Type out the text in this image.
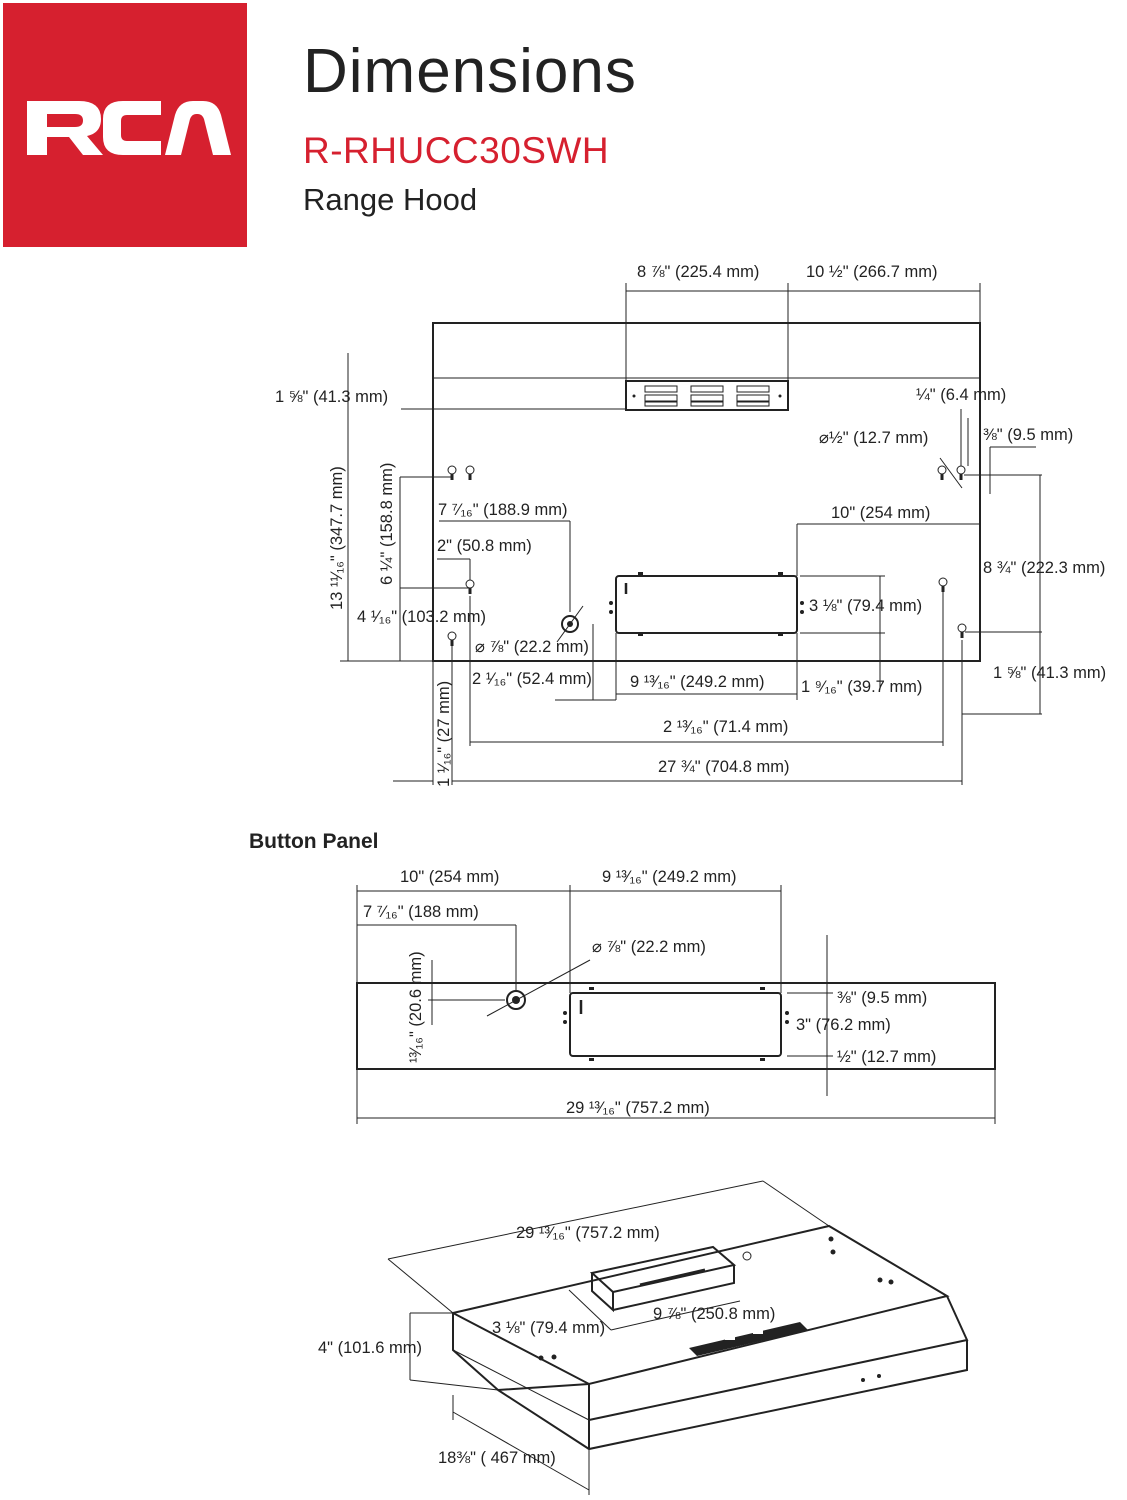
Dimensions
R-RHUCC30SWH
Range Hood
Button Panel
8 ⅞" (225.4 mm)	10 ½" (266.7 mm)
1 ⅝" (41.3 mm)	¼" (6.4 mm)
⌀½" (12.7 mm)	⅜" (9.5 mm)
13 ¹¹⁄₁₆" (347.7 mm) 6 ¼" (158.8 mm)	7 ⁷⁄₁₆" (188.9 mm)	10" (254 mm)
2" (50.8 mm)
8 ¾" (222.3 mm)
3 ⅛" (79.4 mm)
4 ¹⁄₁₆" (103.2 mm)
⌀ ⅞" (22.2 mm)
1 ⅝" (41.3 mm)
2 ¹⁄₁₆" (52.4 mm) 9 ¹³⁄₁₆" (249.2 mm) 1 ⁹⁄₁₆" (39.7 mm)
1 ¹⁄₁₆" (27 mm)	2 ¹³⁄₁₆" (71.4 mm)
27 ¾" (704.8 mm)
10" (254 mm)	9 ¹³⁄₁₆" (249.2 mm)
7 ⁷⁄₁₆" (188 mm)
⌀ ⅞" (22.2 mm)
¹³⁄₁₆" (20.6 mm)	⅜" (9.5 mm)
3" (76.2 mm)
½" (12.7 mm)
29 ¹³⁄₁₆" (757.2 mm)
29 ¹³⁄₁₆" (757.2 mm)
9 ⅞" (250.8 mm)
3 ⅛" (79.4 mm)
4" (101.6 mm)
18⅜" ( 467 mm)
